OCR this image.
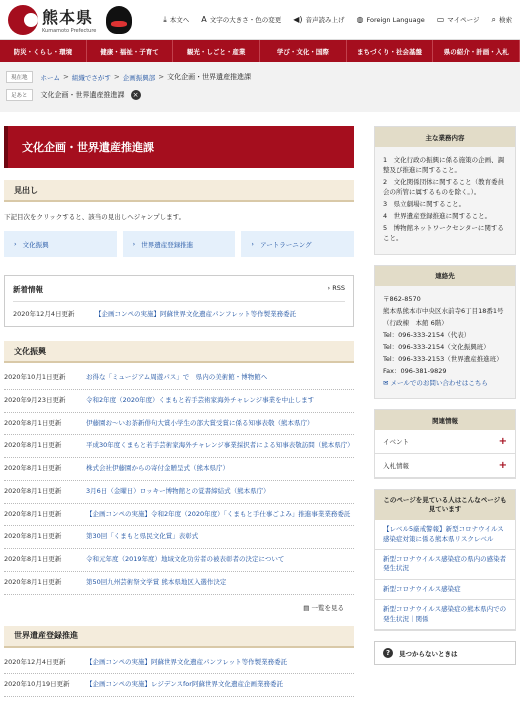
熊本県
Kumamoto Prefecture
⤓ 本文へ A 文字の大きさ・色の変更 ◀) 音声読み上げ ◍ Foreign Language ▭ マイページ ⌕ 検索
防災・くらし・環境	健康・福祉・子育て	観光・しごと・産業	学び・文化・国際	まちづくり・社会基盤	県の紹介・計画・入札
現在地	ホーム > 組織でさがす > 企画振興部 > 文化企画・世界遺産推進課
足あと	文化企画・世界遺産推進課 ×
文化企画・世界遺産推進課
見出し

下記目次をクリックすると、該当の見出しへジャンプします。

› 文化振興	› 世界遺産登録推進	› アートラーニング
新着情報	› RSS
2020年12月4日更新	【企画コンペの実施】阿蘇世界文化遺産パンフレット等作製業務委託
文化振興
2020年10月1日更新	お得な「ミュージアム周遊パス」で　県内の美術館・博物館へ
2020年9月23日更新	令和2年度（2020年度）くまもと若手芸術家海外チャレンジ事業を中止します
2020年8月1日更新	伊藤園お～いお茶新俳句大賞小学生の部大賞受賞に係る知事表敬（熊本県庁）
2020年8月1日更新	平成30年度くまもと若手芸術家海外チャレンジ事業採択者による知事表敬訪問（熊本県庁）
2020年8月1日更新	株式会社伊藤園からの寄付金贈呈式（熊本県庁）
2020年8月1日更新	3月6日（金曜日）ロッキー博物館との覚書締結式（熊本県庁）
2020年8月1日更新	【企画コンペの実施】令和2年度（2020年度）「くまもと手仕事ごよみ」推進事業業務委託
2020年8月1日更新	第30回「くまもと県民文化賞」表彰式
2020年8月1日更新	令和元年度（2019年度）地域文化功労者の被表彰者の決定について
2020年8月1日更新	第50回九州芸術祭文学賞 熊本県地区入選作決定
▤ 一覧を見る
世界遺産登録推進
2020年12月4日更新	【企画コンペの実施】阿蘇世界文化遺産パンフレット等作製業務委託
2020年10月19日更新	【企画コンペの実施】レジデンスfor阿蘇世界文化遺産企画業務委託
主な業務内容

1　文化行政の振興に係る施策の企画、調整及び推進に関すること。

2　文化関係団体に関すること（教育委員会の所管に属するものを除く。）。

3　県立劇場に関すること。

4　世界遺産登録推進に関すること。

5　博物館ネットワークセンターに関すること。

連絡先

〒862-8570

熊本県熊本市中央区水前寺6丁目18番1号

（行政棟　本館 6階）

Tel：096-333-2154（代表）

Tel：096-333-2154（文化振興班）

Tel：096-333-2153（世界遺産推進班）

Fax：096-381-9829

✉ メールでのお問い合わせはこちら

関連情報
イベント	+
入札情報	+
このページを見ている人はこんなページも見ています
【レベル5厳戒警報】新型コロナウイルス感染症対策に係る熊本県リスクレベル
新型コロナウイルス感染症の県内の感染者発生状況
新型コロナウイルス感染症
新型コロナウイルス感染症の熊本県内での発生状況｜関係
?	見つからないときは
